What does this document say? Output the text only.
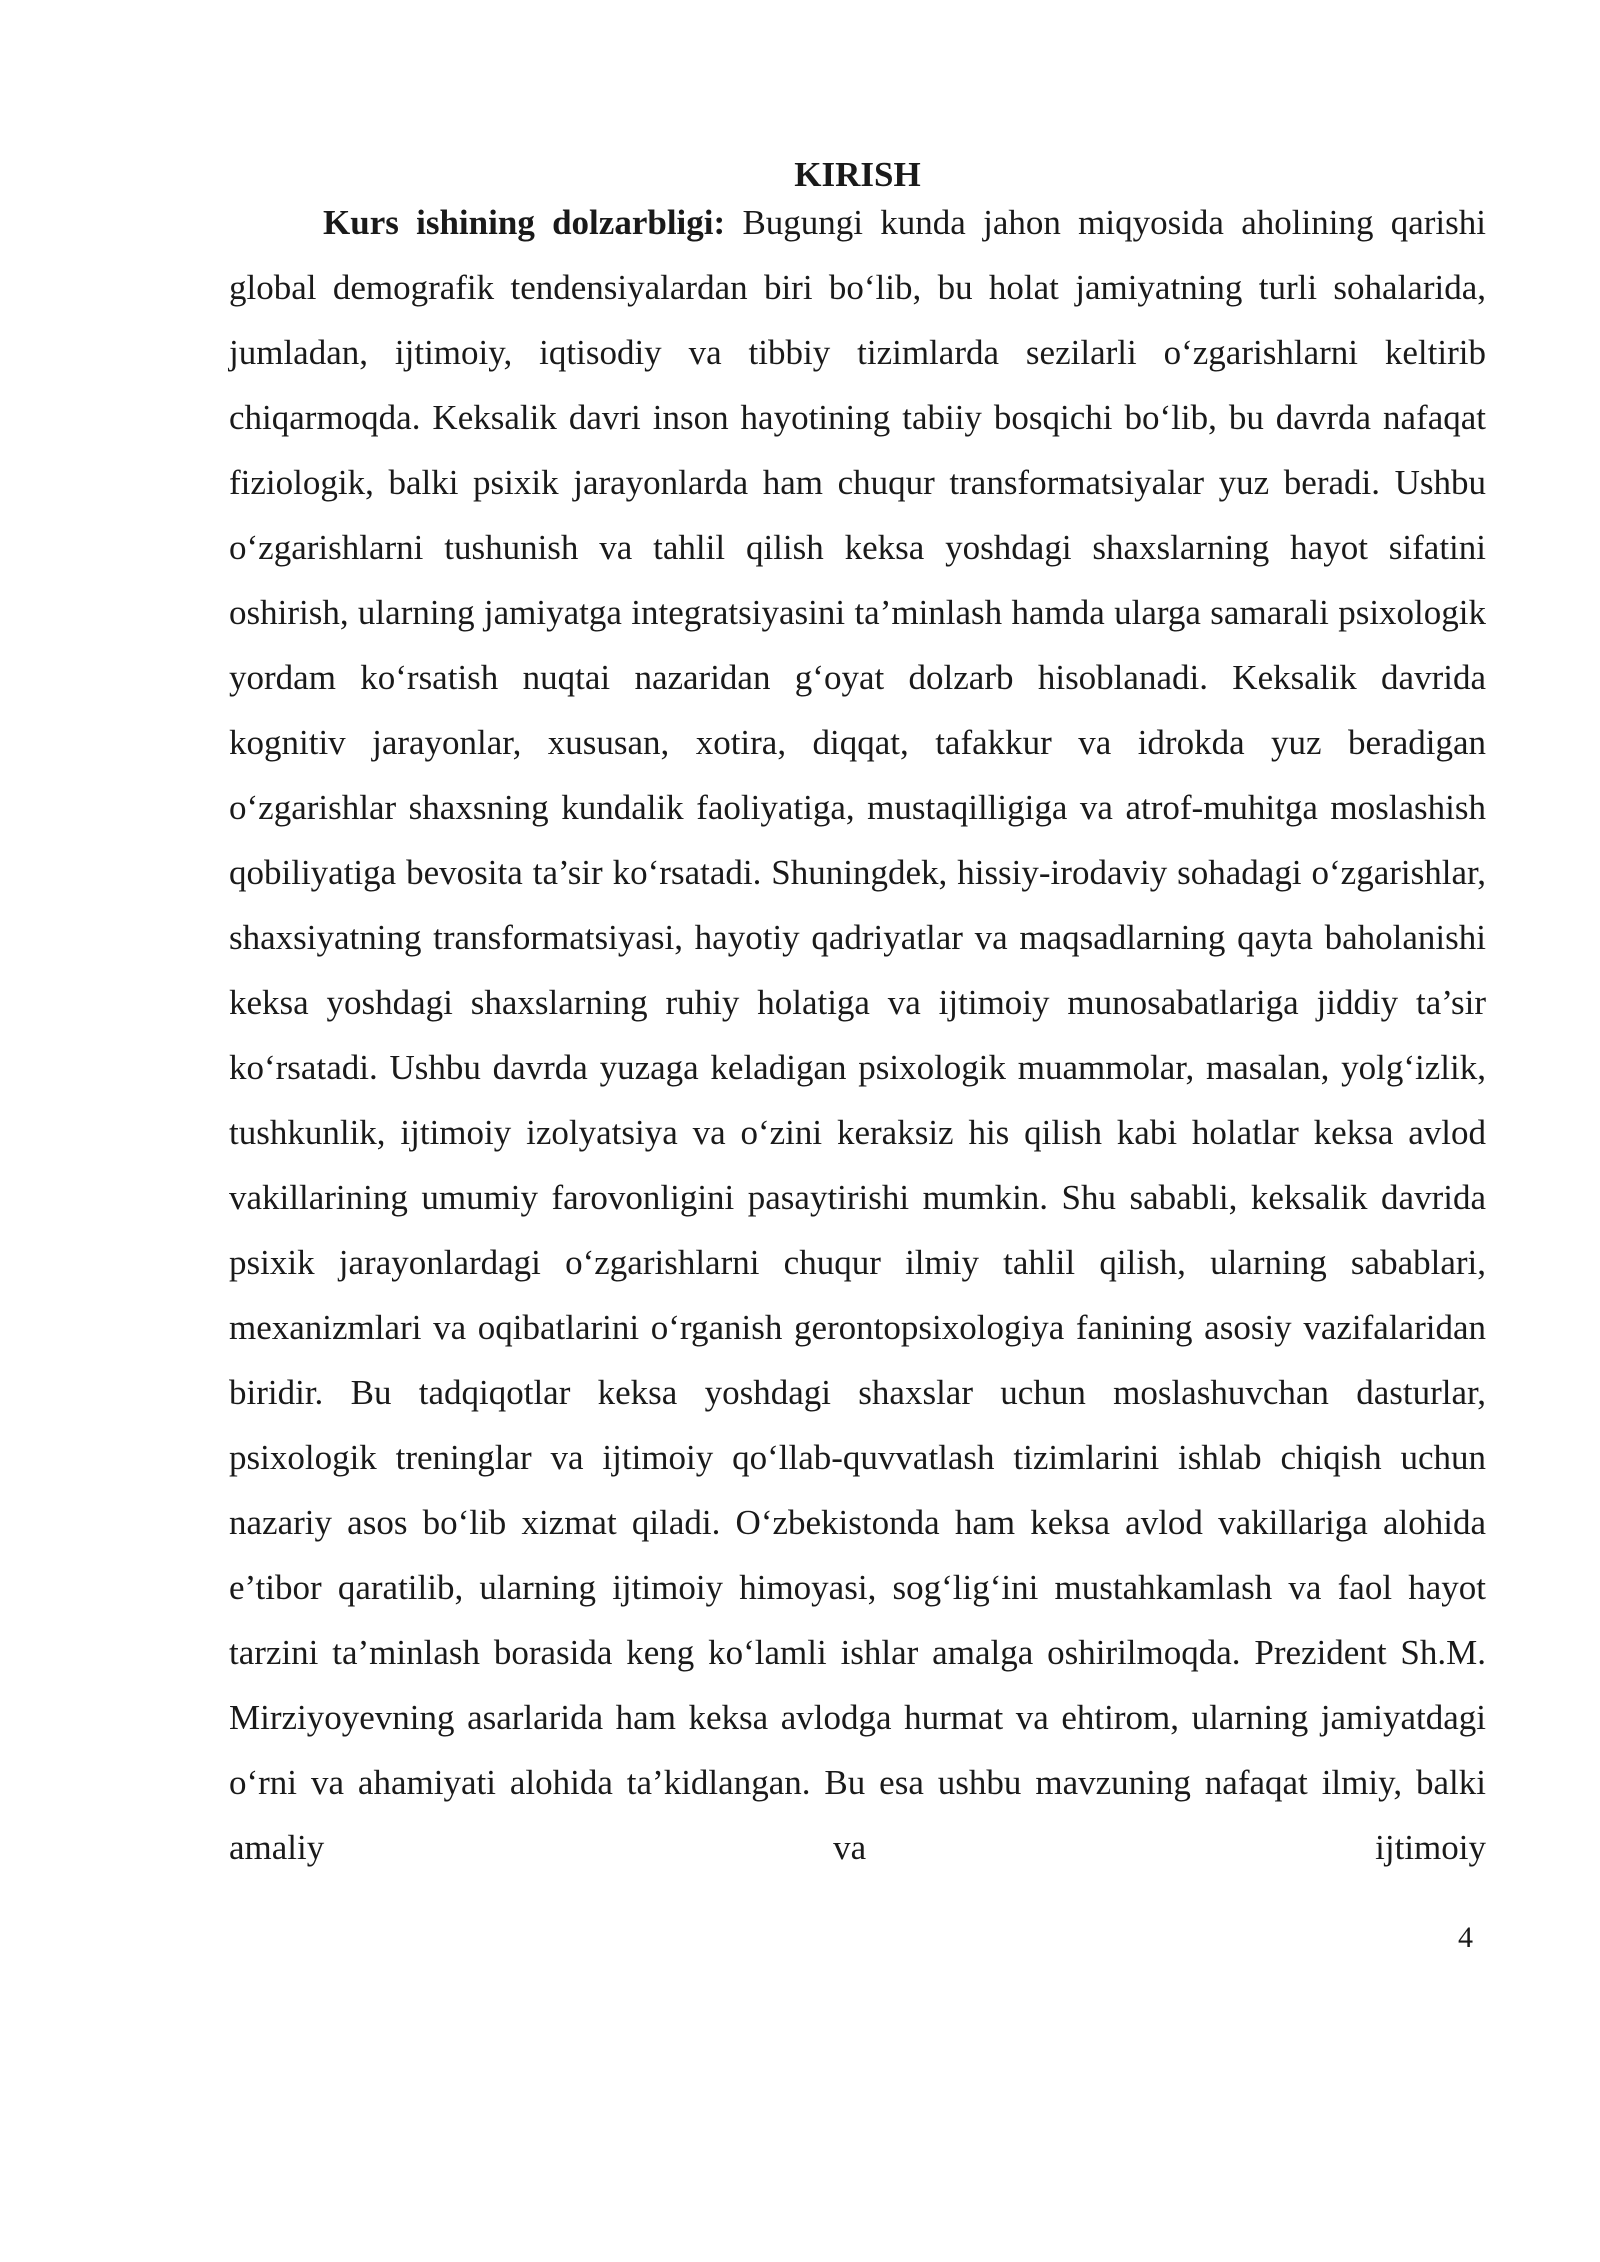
KIRISH

Kurs ishining dolzarbligi: Bugungi kunda jahon miqyosida aholining qarishi global demografik tendensiyalardan biri bo‘lib, bu holat jamiyatning turli sohalarida, jumladan, ijtimoiy, iqtisodiy va tibbiy tizimlarda sezilarli o‘zgarishlarni keltirib chiqarmoqda. Keksalik davri inson hayotining tabiiy bosqichi bo‘lib, bu davrda nafaqat fiziologik, balki psixik jarayonlarda ham chuqur transformatsiyalar yuz beradi. Ushbu o‘zgarishlarni tushunish va tahlil qilish keksa yoshdagi shaxslarning hayot sifatini oshirish, ularning jamiyatga integratsiyasini ta’minlash hamda ularga samarali psixologik yordam ko‘rsatish nuqtai nazaridan g‘oyat dolzarb hisoblanadi. Keksalik davrida kognitiv jarayonlar, xususan, xotira, diqqat, tafakkur va idrokda yuz beradigan o‘zgarishlar shaxsning kundalik faoliyatiga, mustaqilligiga va atrof-muhitga moslashish qobiliyatiga bevosita ta’sir ko‘rsatadi. Shuningdek, hissiy-irodaviy sohadagi o‘zgarishlar, shaxsiyatning transformatsiyasi, hayotiy qadriyatlar va maqsadlarning qayta baholanishi keksa yoshdagi shaxslarning ruhiy holatiga va ijtimoiy munosabatlariga jiddiy ta’sir ko‘rsatadi. Ushbu davrda yuzaga keladigan psixologik muammolar, masalan, yolg‘izlik, tushkunlik, ijtimoiy izolyatsiya va o‘zini keraksiz his qilish kabi holatlar keksa avlod vakillarining umumiy farovonligini pasaytirishi mumkin. Shu sababli, keksalik davrida psixik jarayonlardagi o‘zgarishlarni chuqur ilmiy tahlil qilish, ularning sabablari, mexanizmlari va oqibatlarini o‘rganish gerontopsixologiya fanining asosiy vazifalaridan biridir. Bu tadqiqotlar keksa yoshdagi shaxslar uchun moslashuvchan dasturlar, psixologik treninglar va ijtimoiy qo‘llab-quvvatlash tizimlarini ishlab chiqish uchun nazariy asos bo‘lib xizmat qiladi. O‘zbekistonda ham keksa avlod vakillariga alohida e’tibor qaratilib, ularning ijtimoiy himoyasi, sog‘lig‘ini mustahkamlash va faol hayot tarzini ta’minlash borasida keng ko‘lamli ishlar amalga oshirilmoqda. Prezident Sh.M. Mirziyoyevning asarlarida ham keksa avlodga hurmat va ehtirom, ularning jamiyatdagi o‘rni va ahamiyati alohida ta’kidlangan. Bu esa ushbu mavzuning nafaqat ilmiy, balki amaliy va ijtimoiy

4
